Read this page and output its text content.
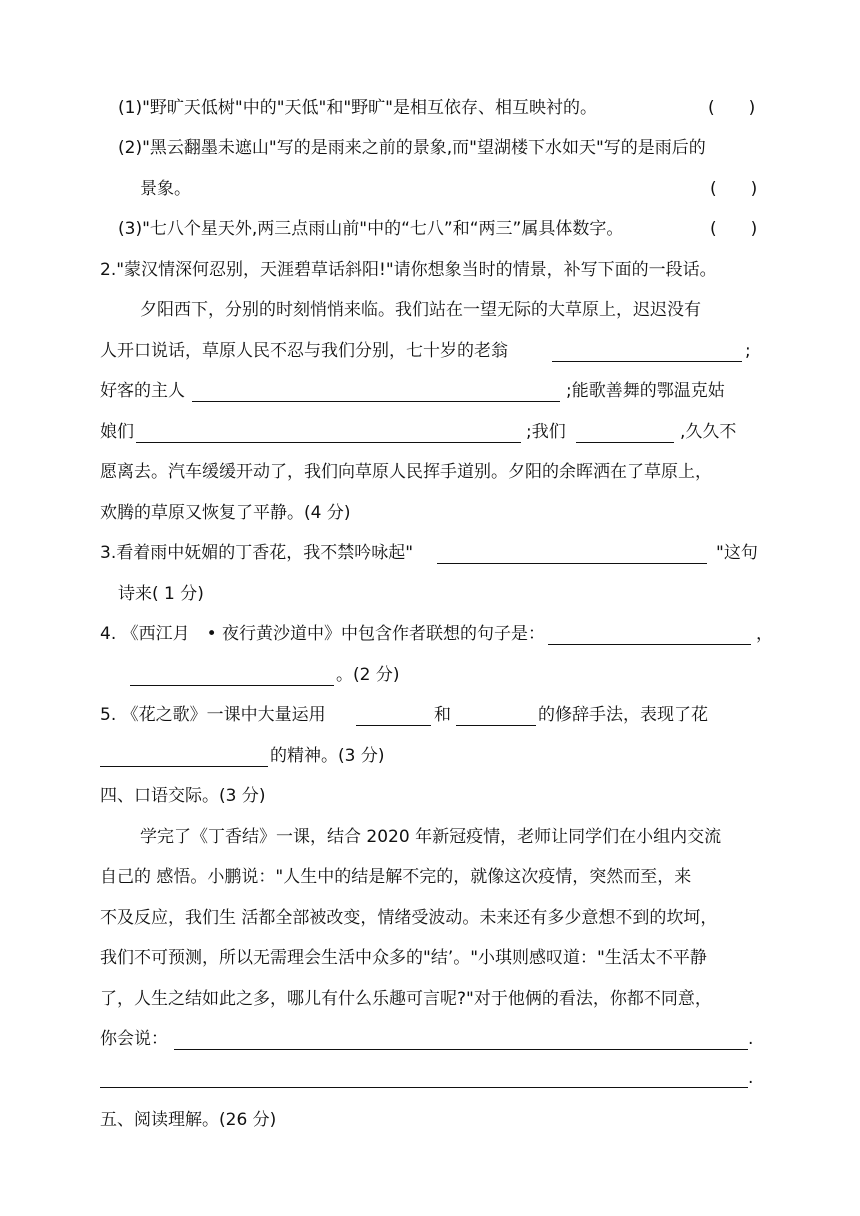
(1)"野旷天低树"中的"天低"和"野旷"是相互依存、相互映衬的。	(　　)
(2)"黑云翻墨未遮山"写的是雨来之前的景象,而"望湖楼下水如天"写的是雨后的
景象。	(　　)
(3)"七八个星天外,两三点雨山前"中的“七八”和“两三”属具体数字。	(　　)
2."蒙汉情深何忍别，天涯碧草话斜阳!"请你想象当时的情景，补写下面的一段话。
夕阳西下，分别的时刻悄悄来临。我们站在一望无际的大草原上，迟迟没有
人开口说话，草原人民不忍与我们分别，七十岁的老翁	;
好客的主人	;能歌善舞的鄂温克姑
娘们	;我们	,久久不
愿离去。汽车缓缓开动了，我们向草原人民挥手道别。夕阳的余晖洒在了草原上，
欢腾的草原又恢复了平静。(4 分)
3.看着雨中妩媚的丁香花，我不禁吟咏起"	"这句
诗来( 1 分)
4. 《西江月　• 夜行黄沙道中》中包含作者联想的句子是：	，
。(2 分)
5. 《花之歌》一课中大量运用	和	的修辞手法，表现了花
的精神。(3 分)
四、口语交际。(3 分)
学完了《丁香结》一课，结合 2020 年新冠疫情，老师让同学们在小组内交流
自己的 感悟。小鹏说："人生中的结是解不完的，就像这次疫情，突然而至，来
不及反应，我们生 活都全部被改变，情绪受波动。未来还有多少意想不到的坎坷，
我们不可预测，所以无需理会生活中众多的"结’。"小琪则感叹道："生活太不平静
了，人生之结如此之多，哪儿有什么乐趣可言呢?"对于他俩的看法，你都不同意，
你会说：	.
.
五、阅读理解。(26 分)
